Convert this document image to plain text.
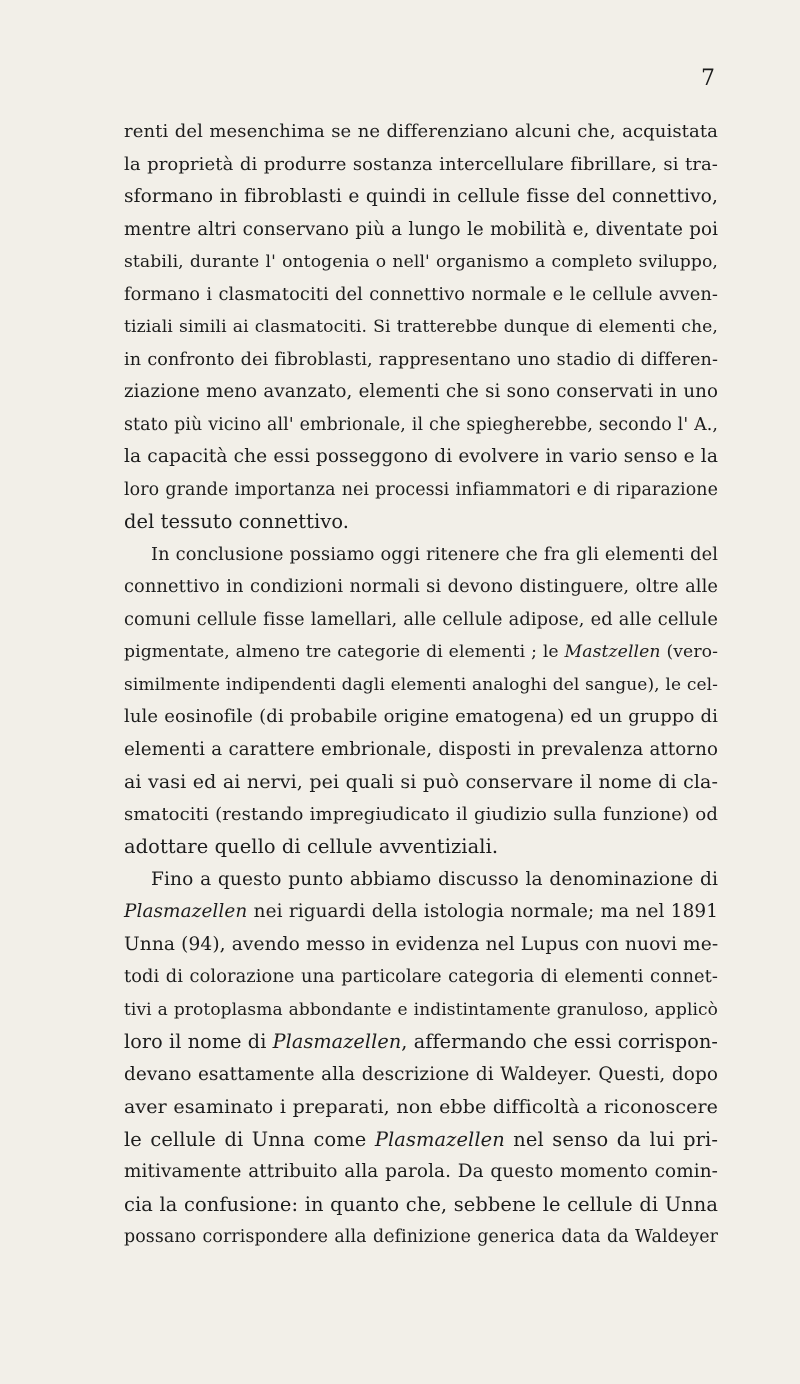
7
renti del mesenchima se ne differenziano alcuni che, acquistata
la proprietà di produrre sostanza intercellulare fibrillare, si tra-
sformano in fibroblasti e quindi in cellule fisse del connettivo,
mentre altri conservano più a lungo le mobilità e, diventate poi
stabili, durante l' ontogenia o nell' organismo a completo sviluppo,
formano i clasmatociti del connettivo normale e le cellule avven-
tiziali simili ai clasmatociti. Si tratterebbe dunque di elementi che,
in confronto dei fibroblasti, rappresentano uno stadio di differen-
ziazione meno avanzato, elementi che si sono conservati in uno
stato più vicino all' embrionale, il che spiegherebbe, secondo l' A.,
la capacità che essi posseggono di evolvere in vario senso e la
loro grande importanza nei processi infiammatori e di riparazione
del tessuto connettivo.
In conclusione possiamo oggi ritenere che fra gli elementi del
connettivo in condizioni normali si devono distinguere, oltre alle
comuni cellule fisse lamellari, alle cellule adipose, ed alle cellule
pigmentate, almeno tre categorie di elementi ; le Mastzellen (vero-
similmente indipendenti dagli elementi analoghi del sangue), le cel-
lule eosinofile (di probabile origine ematogena) ed un gruppo di
elementi a carattere embrionale, disposti in prevalenza attorno
ai vasi ed ai nervi, pei quali si può conservare il nome di cla-
smatociti (restando impregiudicato il giudizio sulla funzione) od
adottare quello di cellule avventiziali.
Fino a questo punto abbiamo discusso la denominazione di
Plasmazellen nei riguardi della istologia normale; ma nel 1891
Unna (94), avendo messo in evidenza nel Lupus con nuovi me-
todi di colorazione una particolare categoria di elementi connet-
tivi a protoplasma abbondante e indistintamente granuloso, applicò
loro il nome di Plasmazellen, affermando che essi corrispon-
devano esattamente alla descrizione di Waldeyer. Questi, dopo
aver esaminato i preparati, non ebbe difficoltà a riconoscere
le cellule di Unna come Plasmazellen nel senso da lui pri-
mitivamente attribuito alla parola. Da questo momento comin-
cia la confusione: in quanto che, sebbene le cellule di Unna
possano corrispondere alla definizione generica data da Waldeyer
